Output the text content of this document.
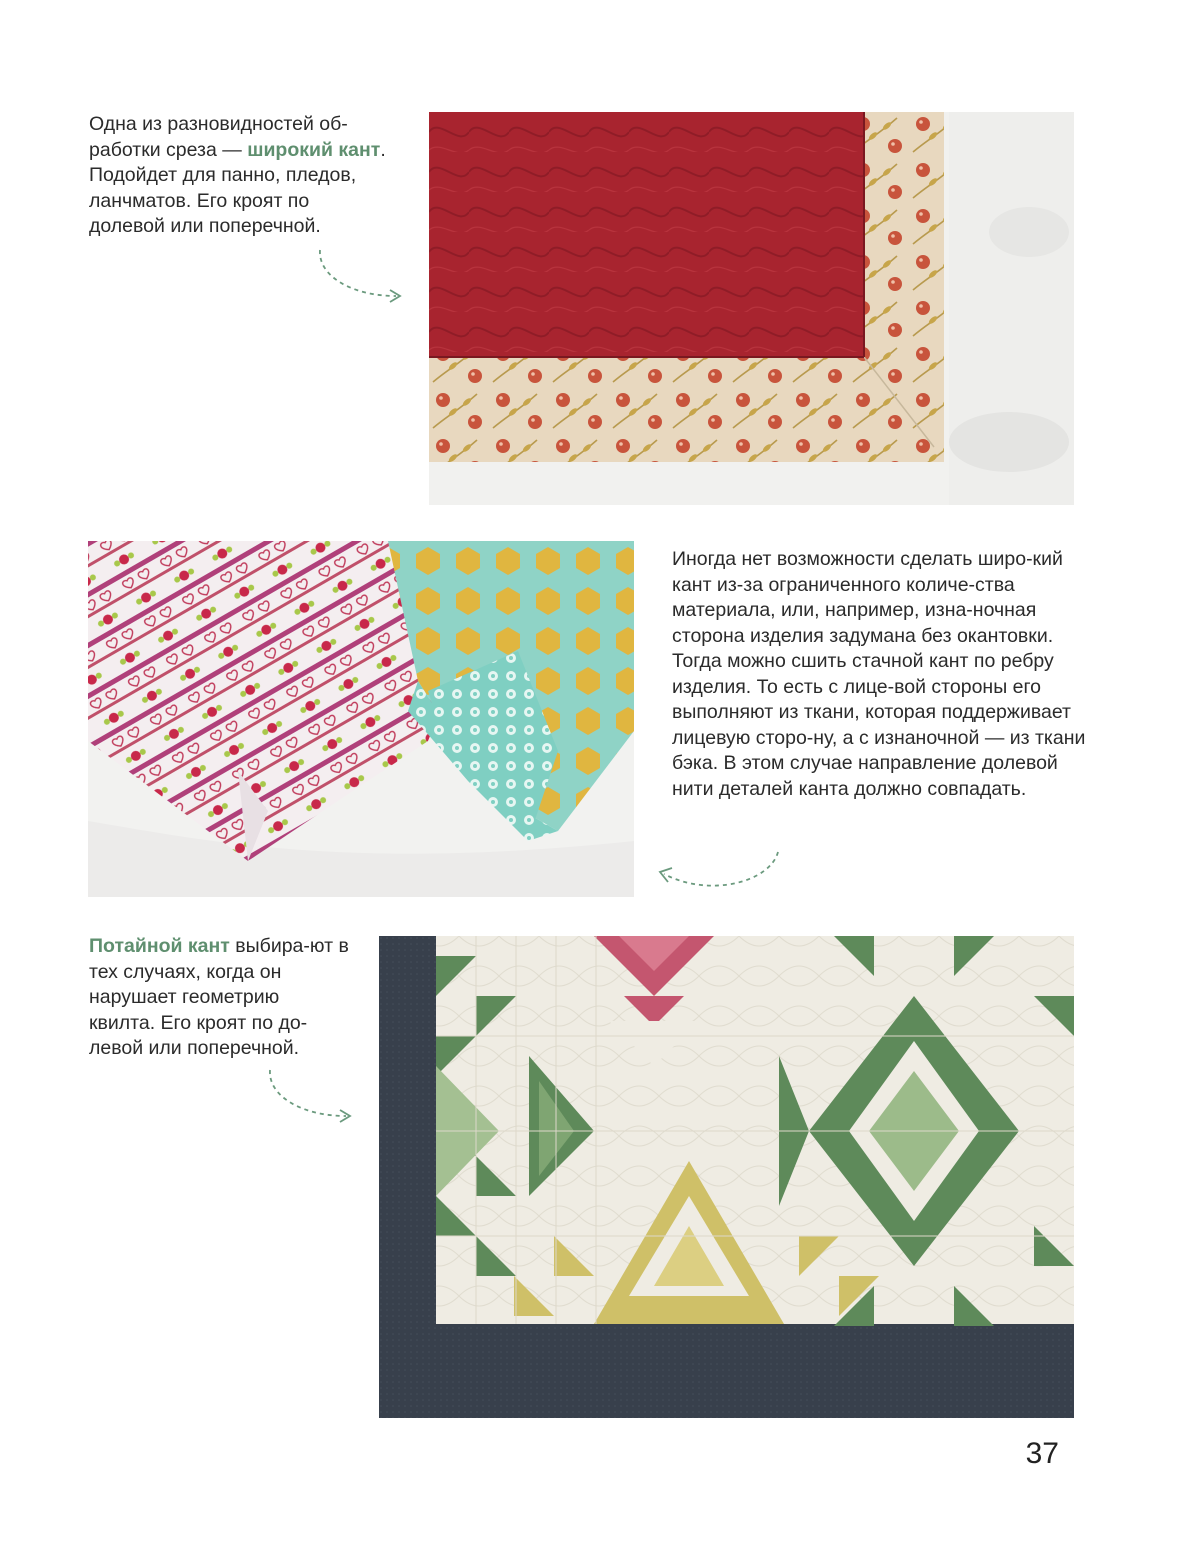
Одна из разновидностей об-работки среза — широкий кант. Подойдет для панно, пледов, ланчматов. Его кроят по долевой или поперечной.

Иногда нет возможности сделать широ-кий кант из-за ограниченного количе-ства материала, или, например, изна-ночная сторона изделия задумана без окантовки. Тогда можно сшить стачной кант по ребру изделия. То есть с лице-вой стороны его выполняют из ткани, которая поддерживает лицевую сторо-ну, а с изнаночной — из ткани бэка. В этом случае направление долевой нити деталей канта должно совпадать.

Потайной кант выбира-ют в тех случаях, когда он нарушает геометрию квилта. Его кроят по до-левой или поперечной.

37
